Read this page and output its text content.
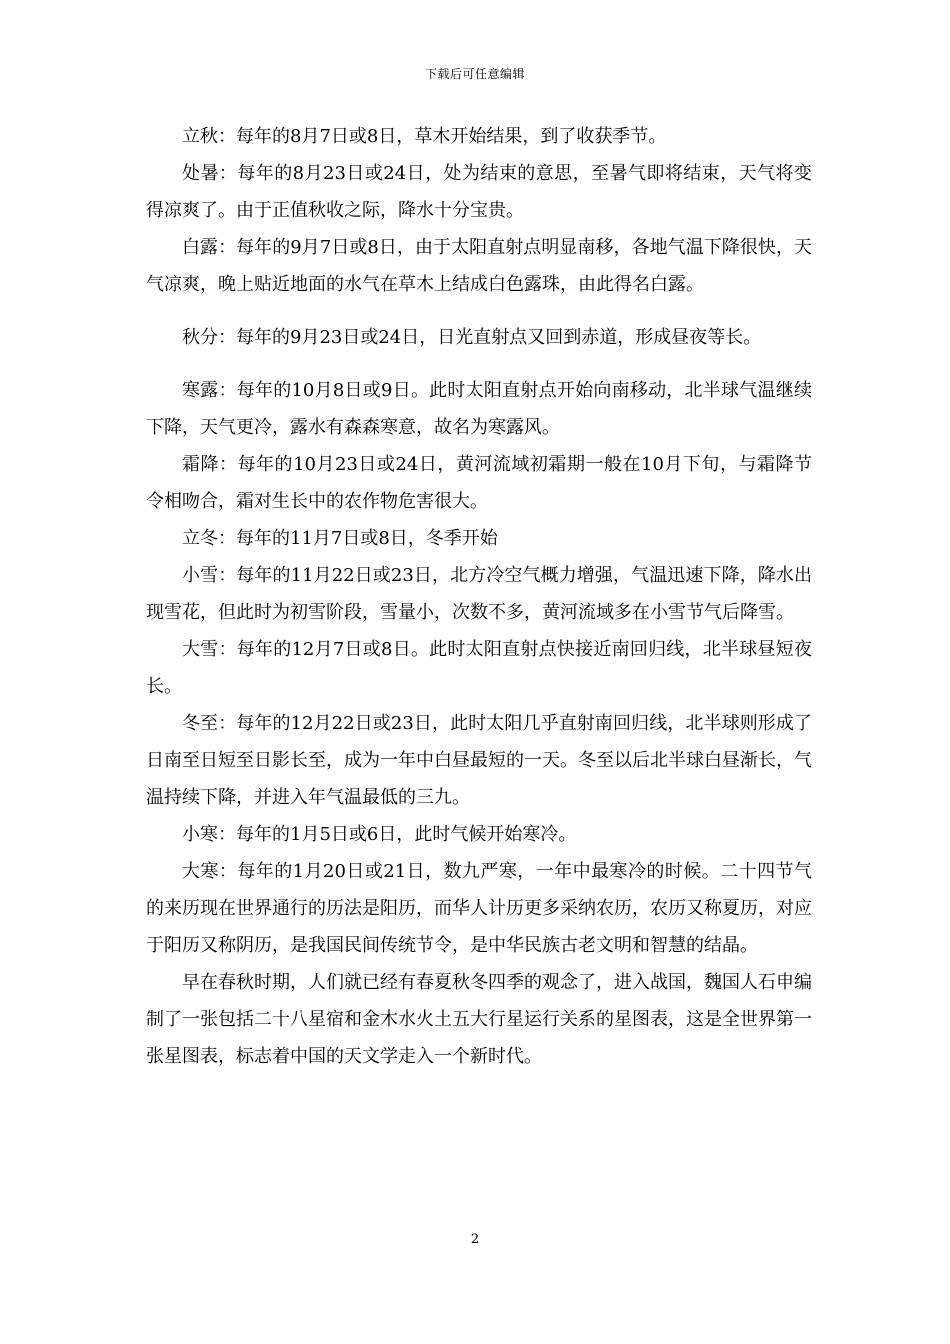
下载后可任意编辑

立秋：每年的8月7日或8日，草木开始结果，到了收获季节。

处暑：每年的8月23日或24日，处为结束的意思，至暑气即将结束，天气将变得凉爽了。由于正值秋收之际，降水十分宝贵。

白露：每年的9月7日或8日，由于太阳直射点明显南移，各地气温下降很快，天气凉爽，晚上贴近地面的水气在草木上结成白色露珠，由此得名白露。

秋分：每年的9月23日或24日，日光直射点又回到赤道，形成昼夜等长。

寒露：每年的10月8日或9日。此时太阳直射点开始向南移动，北半球气温继续下降，天气更冷，露水有森森寒意，故名为寒露风。

霜降：每年的10月23日或24日，黄河流域初霜期一般在10月下旬，与霜降节令相吻合，霜对生长中的农作物危害很大。

立冬：每年的11月7日或8日，冬季开始

小雪：每年的11月22日或23日，北方冷空气概力增强，气温迅速下降，降水出现雪花，但此时为初雪阶段，雪量小，次数不多，黄河流域多在小雪节气后降雪。

大雪：每年的12月7日或8日。此时太阳直射点快接近南回归线，北半球昼短夜长。

冬至：每年的12月22日或23日，此时太阳几乎直射南回归线，北半球则形成了日南至日短至日影长至，成为一年中白昼最短的一天。冬至以后北半球白昼渐长，气温持续下降，并进入年气温最低的三九。

小寒：每年的1月5日或6日，此时气候开始寒冷。

大寒：每年的1月20日或21日，数九严寒，一年中最寒冷的时候。二十四节气的来历现在世界通行的历法是阳历，而华人计历更多采纳农历，农历又称夏历，对应于阳历又称阴历，是我国民间传统节令，是中华民族古老文明和智慧的结晶。

早在春秋时期，人们就已经有春夏秋冬四季的观念了，进入战国，魏国人石申编制了一张包括二十八星宿和金木水火土五大行星运行关系的星图表，这是全世界第一张星图表，标志着中国的天文学走入一个新时代。

2
